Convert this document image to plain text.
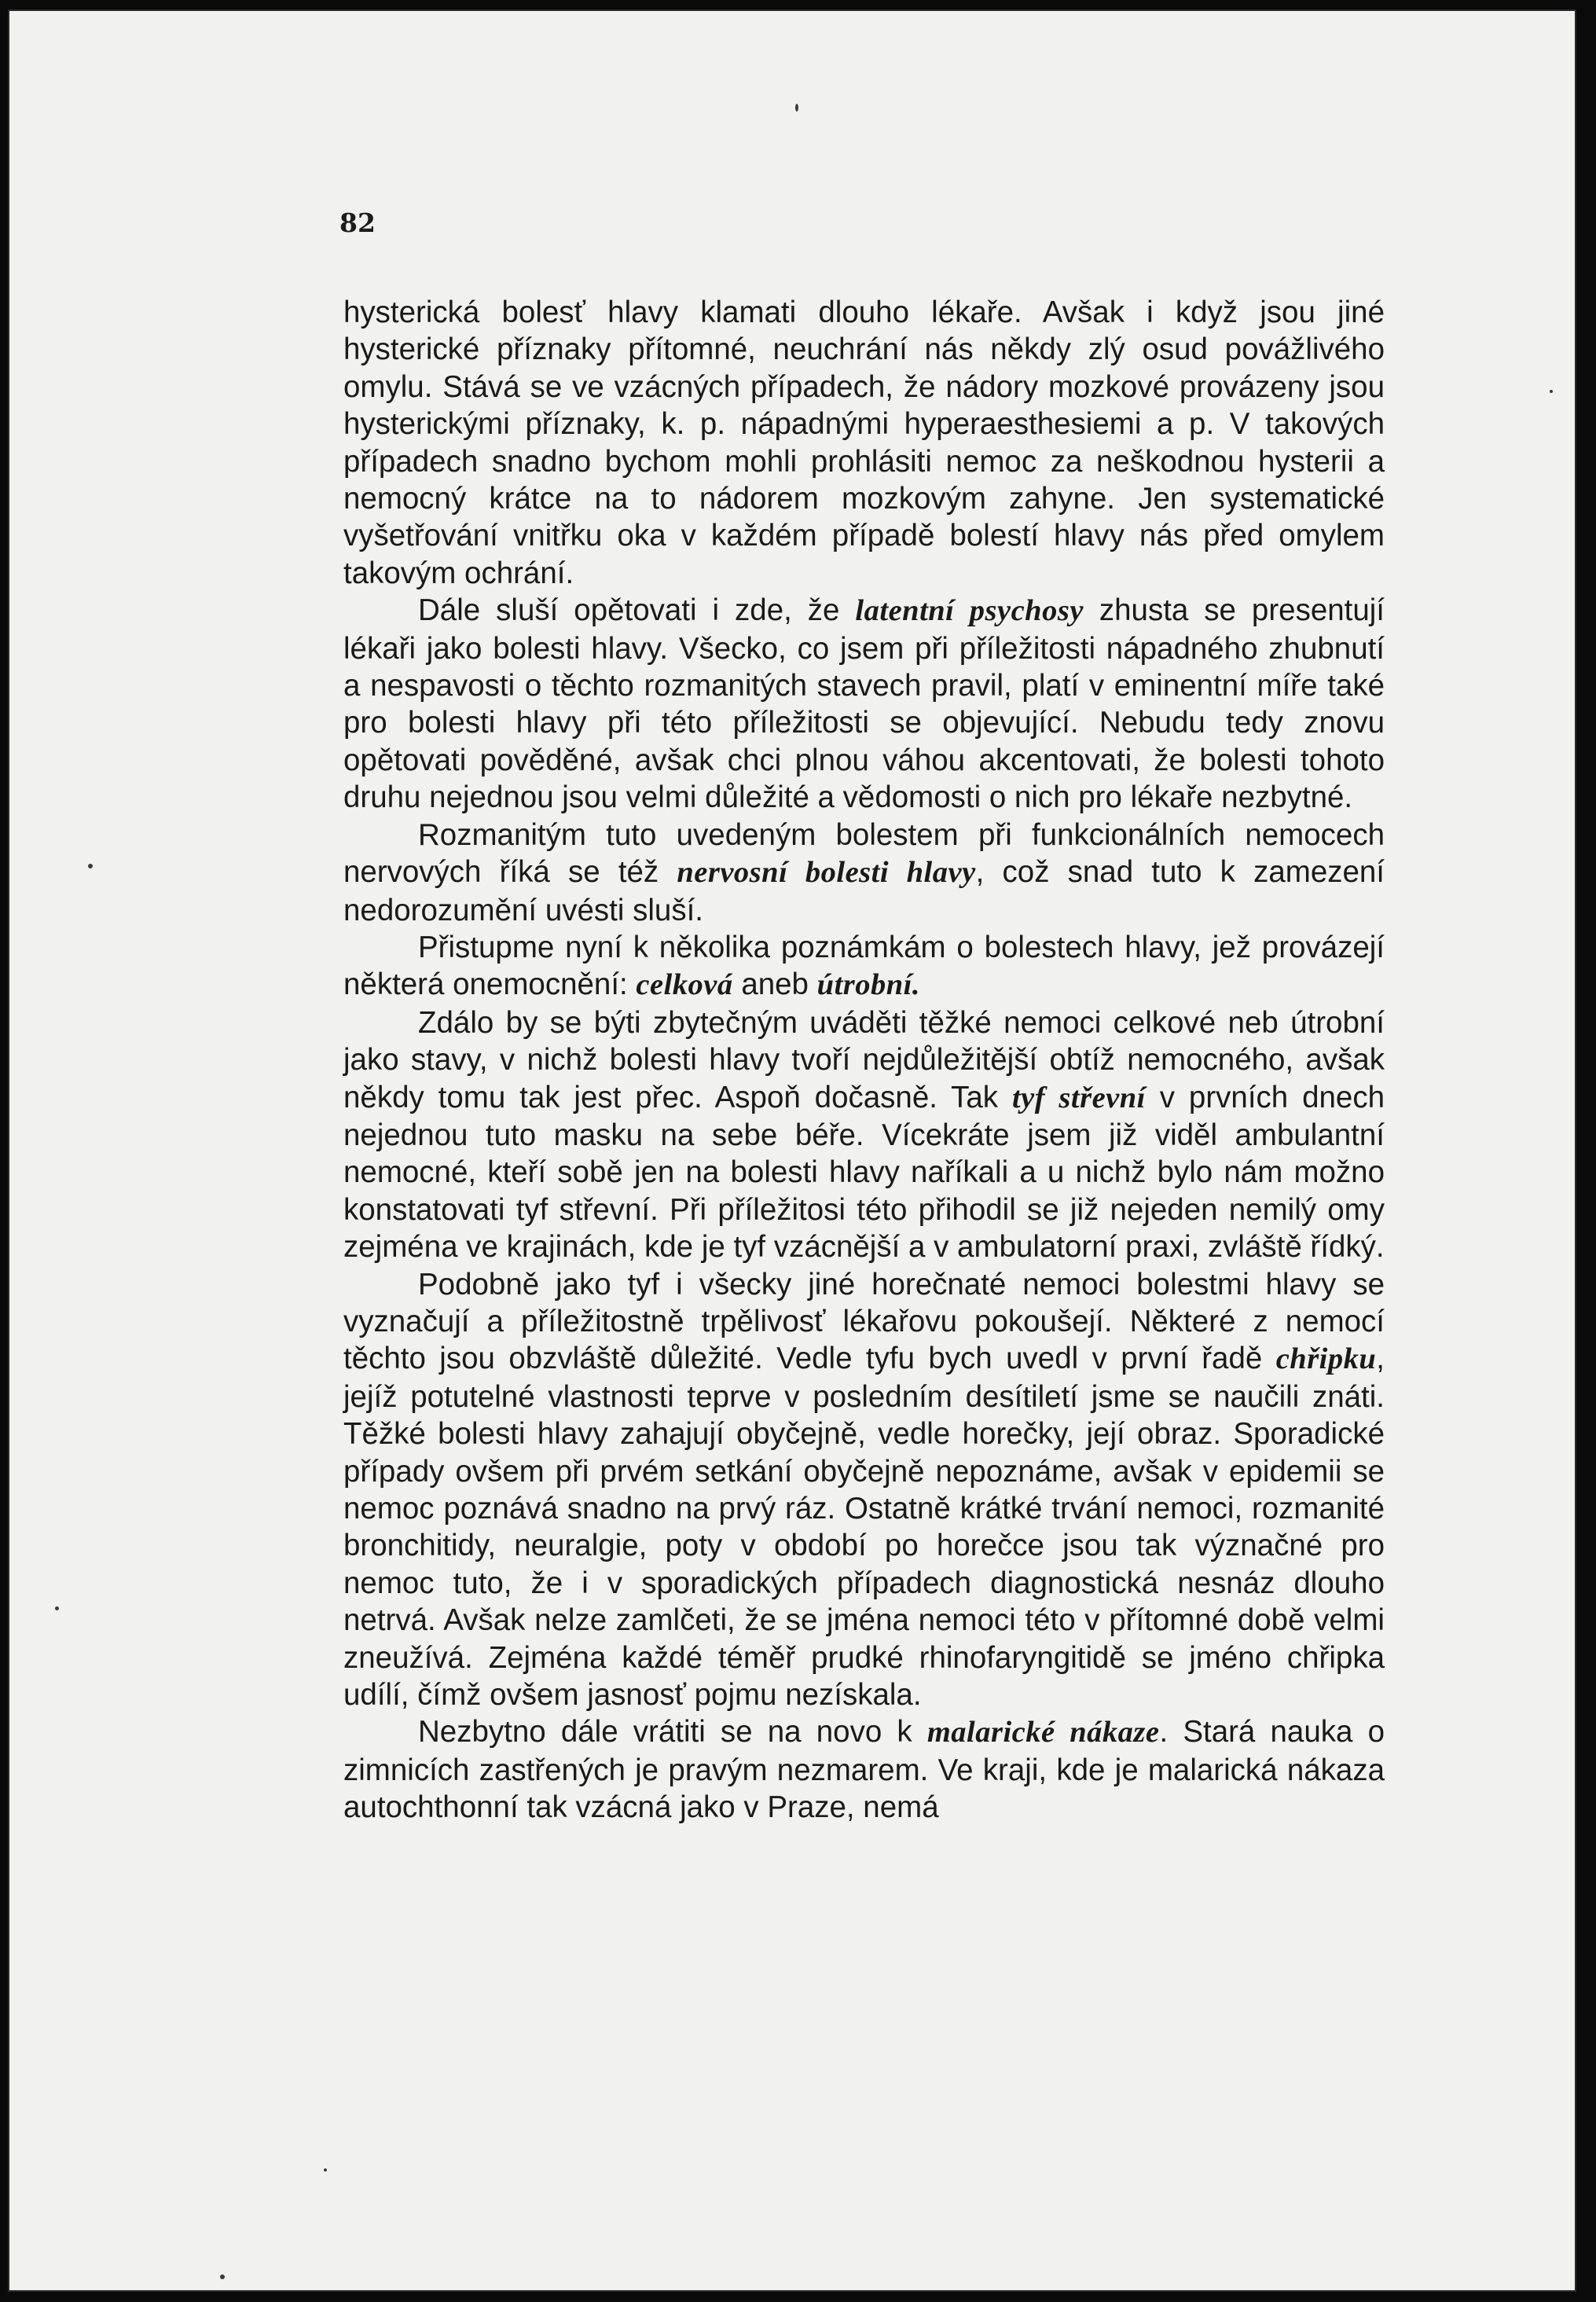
82

hysterická bolesť hlavy klamati dlouho lékaře. Avšak i když jsou jiné hysterické příznaky přítomné, neuchrání nás někdy zlý osud povážlivého omylu. Stává se ve vzácných případech, že nádory mozkové provázeny jsou hysterickými příznaky, k. p. nápadnými hyperaesthesiemi a p. V takových případech snadno bychom mohli prohlásiti nemoc za neškodnou hysterii a nemocný krátce na to nádorem mozkovým zahyne. Jen systematické vyšetřování vnitřku oka v každém případě bolestí hlavy nás před omylem takovým ochrání.

Dále sluší opětovati i zde, že latentní psychosy zhusta se presentují lékaři jako bolesti hlavy. Všecko, co jsem při příležitosti nápadného zhubnutí a nespavosti o těchto rozmanitých stavech pravil, platí v eminentní míře také pro bolesti hlavy při této příležitosti se objevující. Nebudu tedy znovu opětovati pověděné, avšak chci plnou váhou akcentovati, že bolesti tohoto druhu nejednou jsou velmi důležité a vědomosti o nich pro lékaře nezbytné.

Rozmanitým tuto uvedeným bolestem při funkcionálních nemocech nervových říká se též nervosní bolesti hlavy, což snad tuto k zamezení nedorozumění uvésti sluší.

Přistupme nyní k několika poznámkám o bolestech hlavy, jež provázejí některá onemocnění: celková aneb útrobní.

Zdálo by se býti zbytečným uváděti těžké nemoci celkové neb útrobní jako stavy, v nichž bolesti hlavy tvoří nejdůležitější obtíž nemocného, avšak někdy tomu tak jest přec. Aspoň dočasně. Tak tyf střevní v prvních dnech nejednou tuto masku na sebe béře. Vícekráte jsem již viděl ambulantní nemocné, kteří sobě jen na bolesti hlavy naříkali a u nichž bylo nám možno konstatovati tyf střevní. Při příležitosi této přihodil se již nejeden nemilý omy zejména ve krajinách, kde je tyf vzácnější a v ambulatorní praxi, zvláště řídký.

Podobně jako tyf i všecky jiné horečnaté nemoci bolestmi hlavy se vyznačují a příležitostně trpělivosť lékařovu pokoušejí. Některé z nemocí těchto jsou obzvláště důležité. Vedle tyfu bych uvedl v první řadě chřipku, jejíž potutelné vlastnosti teprve v posledním desítiletí jsme se naučili znáti. Těžké bolesti hlavy zahajují obyčejně, vedle horečky, její obraz. Sporadické případy ovšem při prvém setkání obyčejně nepoznáme, avšak v epidemii se nemoc poznává snadno na prvý ráz. Ostatně krátké trvání nemoci, rozmanité bronchitidy, neuralgie, poty v období po horečce jsou tak význačné pro nemoc tuto, že i v sporadických případech diagnostická nesnáz dlouho netrvá. Avšak nelze zamlčeti, že se jména nemoci této v přítomné době velmi zneužívá. Zejména každé téměř prudké rhinofaryngitidě se jméno chřipka udílí, čímž ovšem jasnosť pojmu nezískala.

Nezbytno dále vrátiti se na novo k malarické nákaze. Stará nauka o zimnicích zastřených je pravým nezmarem. Ve kraji, kde je malarická nákaza autochthonní tak vzácná jako v Praze, nemá
